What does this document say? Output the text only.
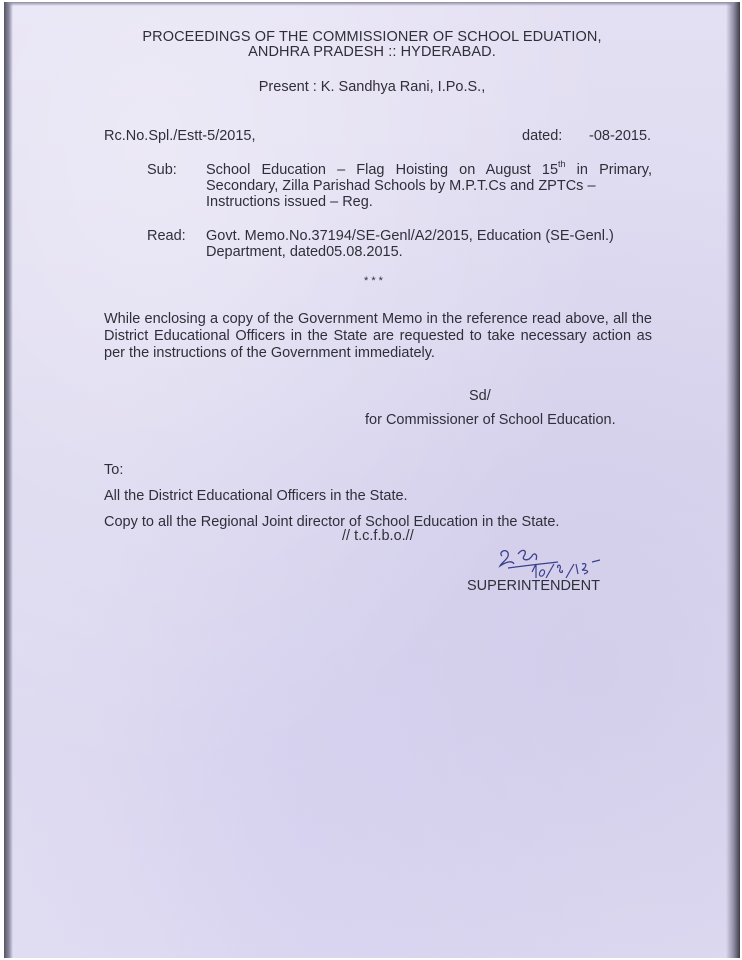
PROCEEDINGS OF THE COMMISSIONER OF SCHOOL EDUATION,
ANDHRA PRADESH :: HYDERABAD.
Present : K. Sandhya Rani, I.Po.S.,
Rc.No.Spl./Estt-5/2015,	dated: -08-2015.
Sub: School Education – Flag Hoisting on August 15th in Primary,
Secondary, Zilla Parishad Schools by M.P.T.Cs and ZPTCs –
Instructions issued – Reg.
Read: Govt. Memo.No.37194/SE-Genl/A2/2015, Education (SE-Genl.)
Department, dated05.08.2015.
* * *
While enclosing a copy of the Government Memo in the reference read above, all the District Educational Officers in the State are requested to take necessary action as per the instructions of the Government immediately.
Sd/
for Commissioner of School Education.
To:
All the District Educational Officers in the State.
Copy to all the Regional Joint director of School Education in the State.
// t.c.f.b.o.//
SUPERINTENDENT
